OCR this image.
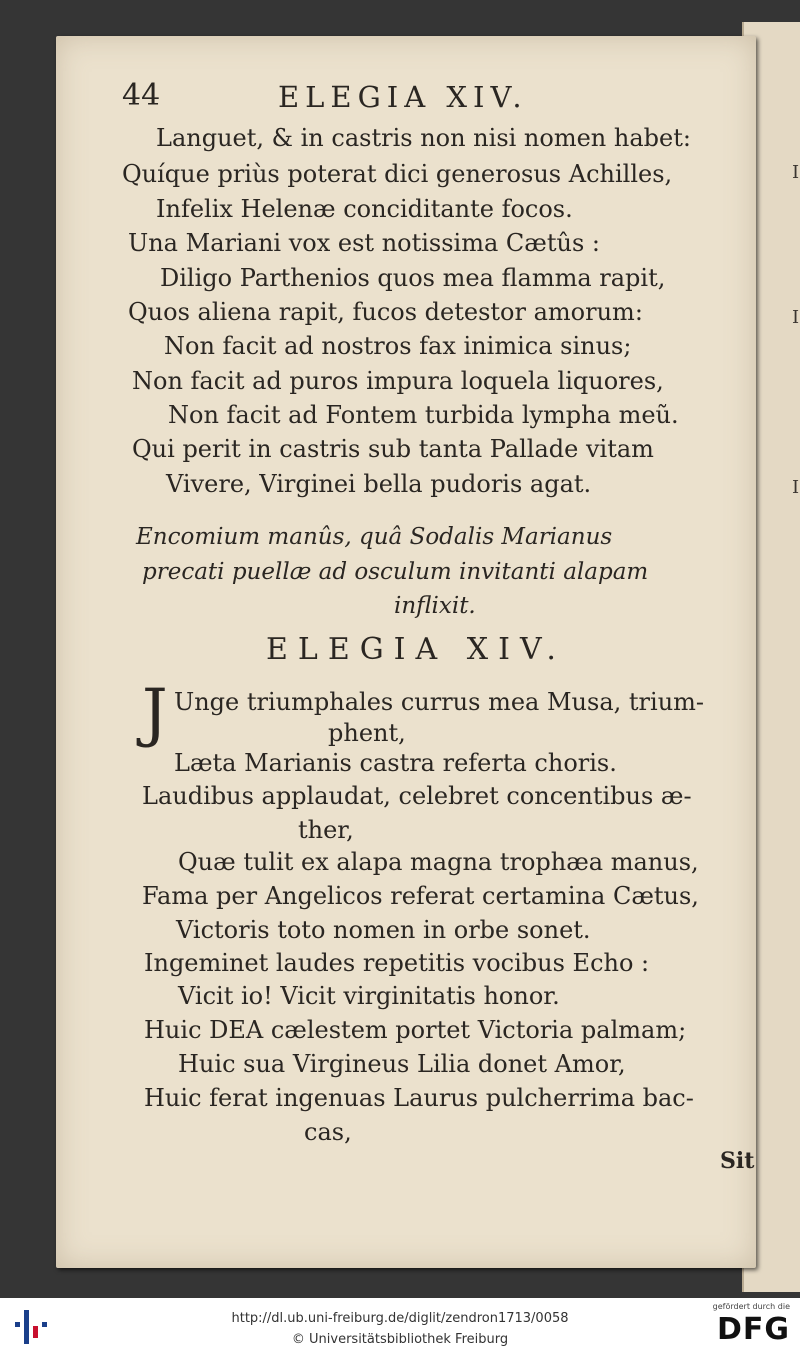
I
I
I
44	ELEGIA XIV.
Languet, & in castris non nisi nomen habet:
Quíque priùs poterat dici generosus Achilles,
Infelix Helenæ conciditante focos.
Una Mariani vox est notissima Cætûs :
Diligo Parthenios quos mea flamma rapit,
Quos aliena rapit, fucos detestor amorum:
Non facit ad nostros fax inimica sinus;
Non facit ad puros impura loquela liquores,
Non facit ad Fontem turbida lympha meũ.
Qui perit in castris sub tanta Pallade vitam
Vivere, Virginei bella pudoris agat.
Encomium manûs, quâ Sodalis Marianus
precati puellæ ad osculum invitanti alapam
inflixit.
ELEGIA XIV.
J Unge triumphales currus mea Musa, trium-
phent,
Læta Marianis castra referta choris.
Laudibus applaudat, celebret concentibus æ-
ther,
Quæ tulit ex alapa magna trophæa manus,
Fama per Angelicos referat certamina Cætus,
Victoris toto nomen in orbe sonet.
Ingeminet laudes repetitis vocibus Echo :
Vicit io! Vicit virginitatis honor.
Huic DEA cælestem portet Victoria palmam;
Huic sua Virgineus Lilia donet Amor,
Huic ferat ingenuas Laurus pulcherrima bac-
cas,
Sit
http://dl.ub.uni-freiburg.de/diglit/zendron1713/0058
© Universitätsbibliothek Freiburg
gefördert durch die
DFG
